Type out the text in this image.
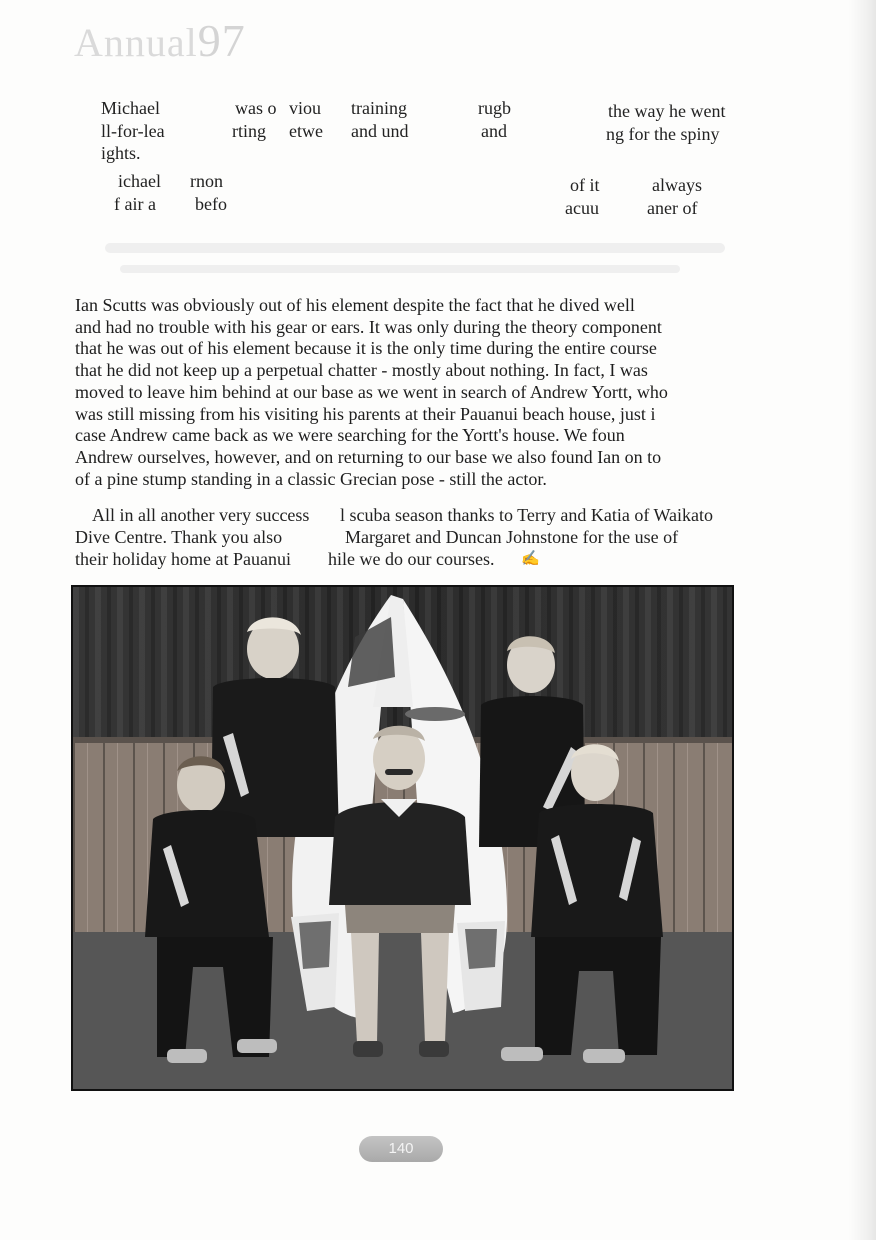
Annual97
Michael	was o viou training	rugb	the way he went
ll-for-lea	rting etwe and und	and	ng for the spiny
ights.
ichael rnon	of it	always
f air a befo	acuu	aner of
Ian Scutts was obviously out of his element despite the fact that he dived well
and had no trouble with his gear or ears. It was only during the theory component
that he was out of his element because it is the only time during the entire course
that he did not keep up a perpetual chatter - mostly about nothing. In fact, I was
moved to leave him behind at our base as we went in search of Andrew Yortt, who
was still missing from his visiting his parents at their Pauanui beach house, just i
case Andrew came back as we were searching for the Yortt's house. We foun
Andrew ourselves, however, and on returning to our base we also found Ian on to
of a pine stump standing in a classic Grecian pose - still the actor.
All in all another very success
Dive Centre. Thank you also
their holiday home at Pauanui
l scuba season thanks to Terry and Katia of Waikato
Margaret and Duncan Johnstone for the use of
hile we do our courses. ✍
140
